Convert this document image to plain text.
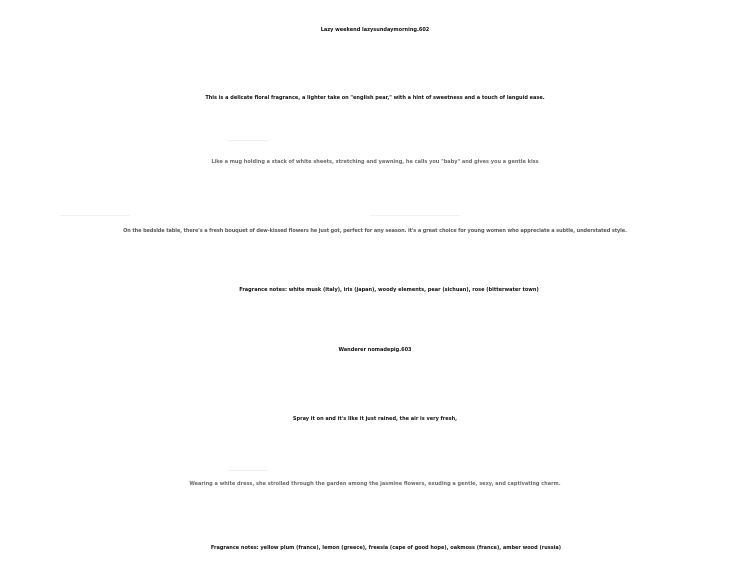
Lazy weekend lazysundaymorning.602

This is a delicate floral fragrance, a lighter take on "english pear," with a hint of sweetness and a touch of languid ease.

Like a mug holding a stack of white sheets, stretching and yawning, he calls you "baby" and gives you a gentle kiss

On the bedside table, there's a fresh bouquet of dew-kissed flowers he just got, perfect for any season. it's a great choice for young women who appreciate a subtle, understated style.

Fragrance notes: white musk (italy), iris (japan), woody elements, pear (sichuan), rose (bitterwater town)

Wanderer nomadepig.603

Spray it on and it's like it just rained, the air is very fresh,

Wearing a white dress, she strolled through the garden among the jasmine flowers, exuding a gentle, sexy, and captivating charm.

Fragrance notes: yellow plum (france), lemon (greece), freesia (cape of good hope), oakmoss (france), amber wood (russia)
